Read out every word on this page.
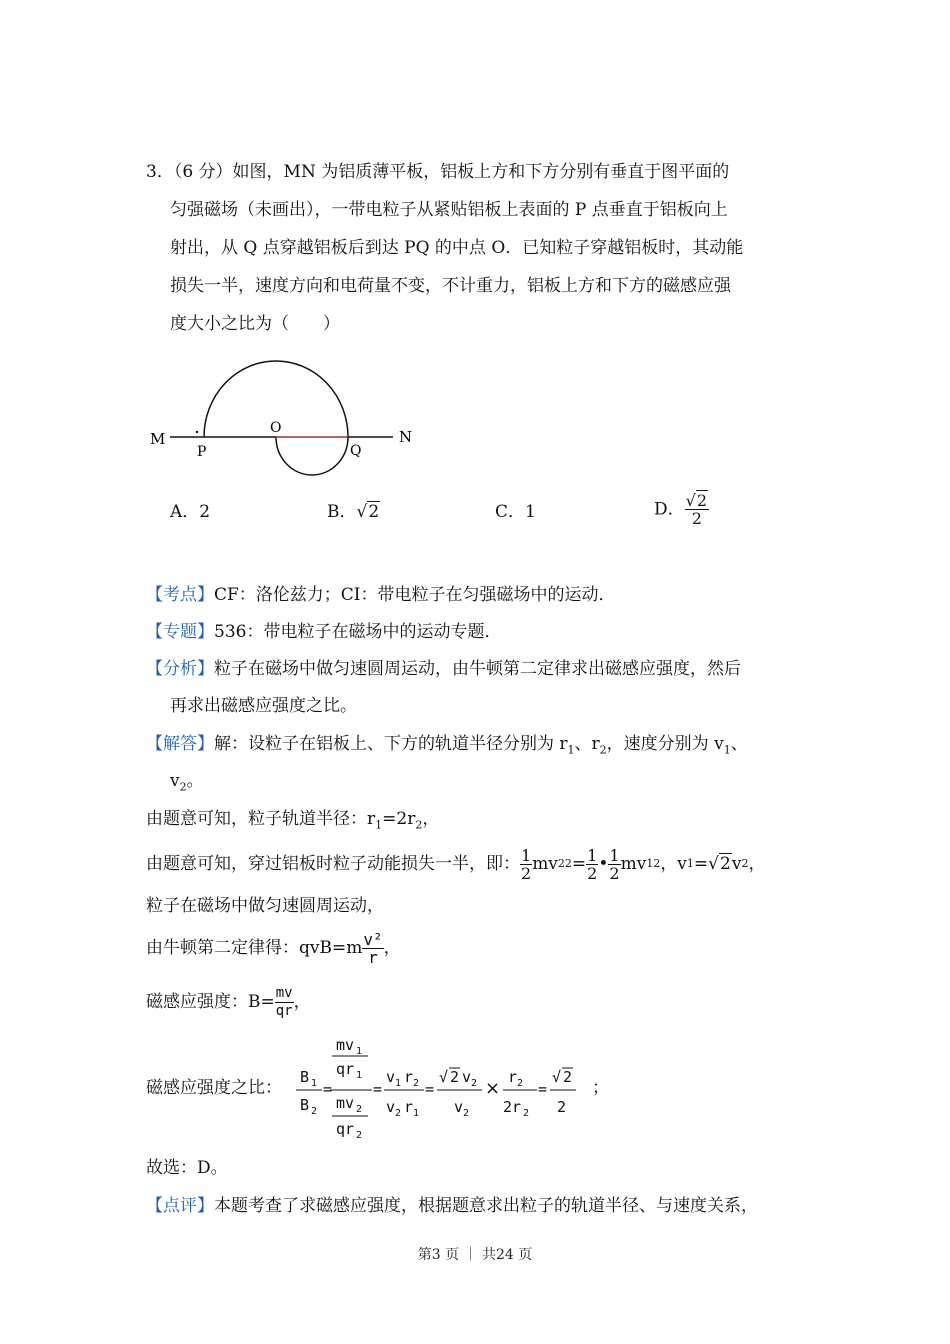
3．（6 分）如图，MN 为铝质薄平板，铝板上方和下方分别有垂直于图平面的
匀强磁场（未画出），一带电粒子从紧贴铝板上表面的 P 点垂直于铝板向上
射出，从 Q 点穿越铝板后到达 PQ 的中点 O．已知粒子穿越铝板时，其动能
损失一半，速度方向和电荷量不变，不计重力，铝板上方和下方的磁感应强
度大小之比为（　　）
M	N
P
O
Q
A．2	B．√2	C．1	D． $\frac{√2}{2}$
【考点】CF：洛伦兹力；CI：带电粒子在匀强磁场中的运动．
【专题】536：带电粒子在磁场中的运动专题．
【分析】粒子在磁场中做匀速圆周运动，由牛顿第二定律求出磁感应强度，然后
再求出磁感应强度之比。
【解答】解：设粒子在铝板上、下方的轨道半径分别为 $r_1$、$r_2$，速度分别为 $v_1$、
$v_2$。
由题意可知，粒子轨道半径：$r_1=2r_2$，
由题意可知，穿过铝板时粒子动能损失一半，即： $\frac{1}{2}$ mv 2 $2 = \frac{1}{2}$ • $\frac{1}{2}$ mv 1 2 ，v 1 = √2 v 2 ，
粒子在磁场中做匀速圆周运动，
由牛顿第二定律得：$qvB=m \frac{\text{v²}}{r}$ ，
磁感应强度：$B= \frac{mv}{qr}$ ，
磁感应强度之比：
B 1
B 2
=
mv 1
qr 1
mv 2
qr 2
=
v 1 r 2
v 2 r 1
=
√ 2 v 2
v 2
×
r 2
2r 2
=
√ 2
2
；
故选：D。
【点评】本题考查了求磁感应强度，根据题意求出粒子的轨道半径、与速度关系，
第3 页 ｜ 共24 页
